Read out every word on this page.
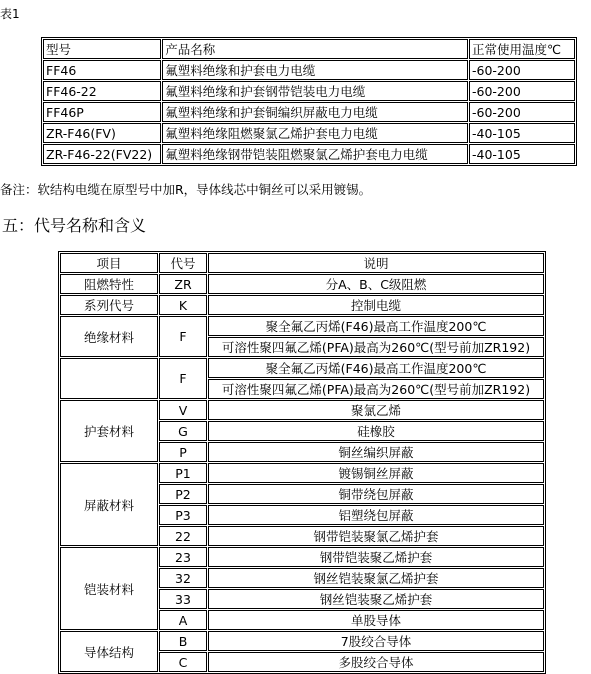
表1
型号	产品名称	正常使用温度℃
FF46	氟塑料绝缘和护套电力电缆	-60-200
FF46-22	氟塑料绝缘和护套钢带铠装电力电缆	-60-200
FF46P	氟塑料绝缘和护套铜编织屏蔽电力电缆	-60-200
ZR-F46(FV)	氟塑料绝缘阻燃聚氯乙烯护套电力电缆	-40-105
ZR-F46-22(FV22)	氟塑料绝缘钢带铠装阻燃聚氯乙烯护套电力电缆	-40-105
备注：软结构电缆在原型号中加R，导体线芯中铜丝可以采用镀锡。
五：代号名称和含义
项目	代号	说明
阻燃特性	ZR	分A、B、C级阻燃
系列代号	K	控制电缆
绝缘材料	F	聚全氟乙丙烯(F46)最高工作温度200℃
		可溶性聚四氟乙烯(PFA)最高为260℃(型号前加ZR192)
	F	聚全氟乙丙烯(F46)最高工作温度200℃
		可溶性聚四氟乙烯(PFA)最高为260℃(型号前加ZR192)
护套材料	V	聚氯乙烯
	G	硅橡胶
	P	铜丝编织屏蔽
屏蔽材料	P1	镀锡铜丝屏蔽
	P2	铜带绕包屏蔽
	P3	铝塑绕包屏蔽
	22	钢带铠装聚氯乙烯护套
铠装材料	23	钢带铠装聚乙烯护套
	32	钢丝铠装聚氯乙烯护套
	33	钢丝铠装聚乙烯护套
	A	单股导体
导体结构	B	7股绞合导体
	C	多股绞合导体
